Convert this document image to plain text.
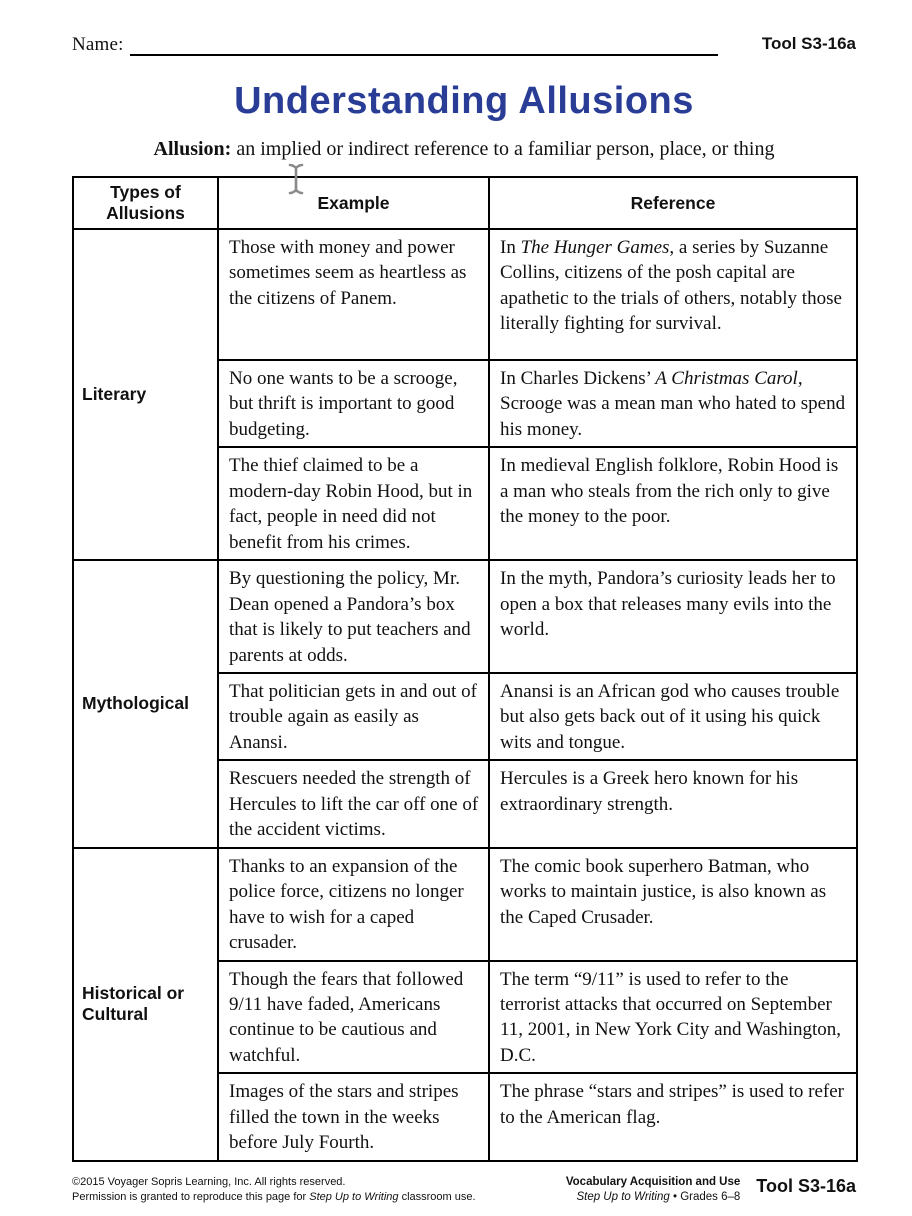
Name:	Tool S3-16a
Understanding Allusions
Allusion: an implied or indirect reference to a familiar person, place, or thing
Types of Allusions	Example	Reference
Literary	Those with money and power sometimes seem as heartless as the citizens of Panem.	In The Hunger Games, a series by Suzanne Collins, citizens of the posh capital are apathetic to the trials of others, notably those literally fighting for survival.
	No one wants to be a scrooge, but thrift is important to good budgeting.	In Charles Dickens’ A Christmas Carol, Scrooge was a mean man who hated to spend his money.
	The thief claimed to be a modern-day Robin Hood, but in fact, people in need did not benefit from his crimes.	In medieval English folklore, Robin Hood is a man who steals from the rich only to give the money to the poor.
Mythological	By questioning the policy, Mr. Dean opened a Pandora’s box that is likely to put teachers and parents at odds.	In the myth, Pandora’s curiosity leads her to open a box that releases many evils into the world.
	That politician gets in and out of trouble again as easily as Anansi.	Anansi is an African god who causes trouble but also gets back out of it using his quick wits and tongue.
	Rescuers needed the strength of Hercules to lift the car off one of the accident victims.	Hercules is a Greek hero known for his extraordinary strength.
Historical or Cultural	Thanks to an expansion of the police force, citizens no longer have to wish for a caped crusader.	The comic book superhero Batman, who works to maintain justice, is also known as the Caped Crusader.
	Though the fears that followed 9/11 have faded, Americans continue to be cautious and watchful.	The term “9/11” is used to refer to the terrorist attacks that occurred on September 11, 2001, in New York City and Washington, D.C.
	Images of the stars and stripes filled the town in the weeks before July Fourth.	The phrase “stars and stripes” is used to refer to the American flag.
©2015 Voyager Sopris Learning, Inc. All rights reserved.
Permission is granted to reproduce this page for Step Up to Writing classroom use.
Vocabulary Acquisition and Use
Step Up to Writing • Grades 6–8
Tool S3-16a
